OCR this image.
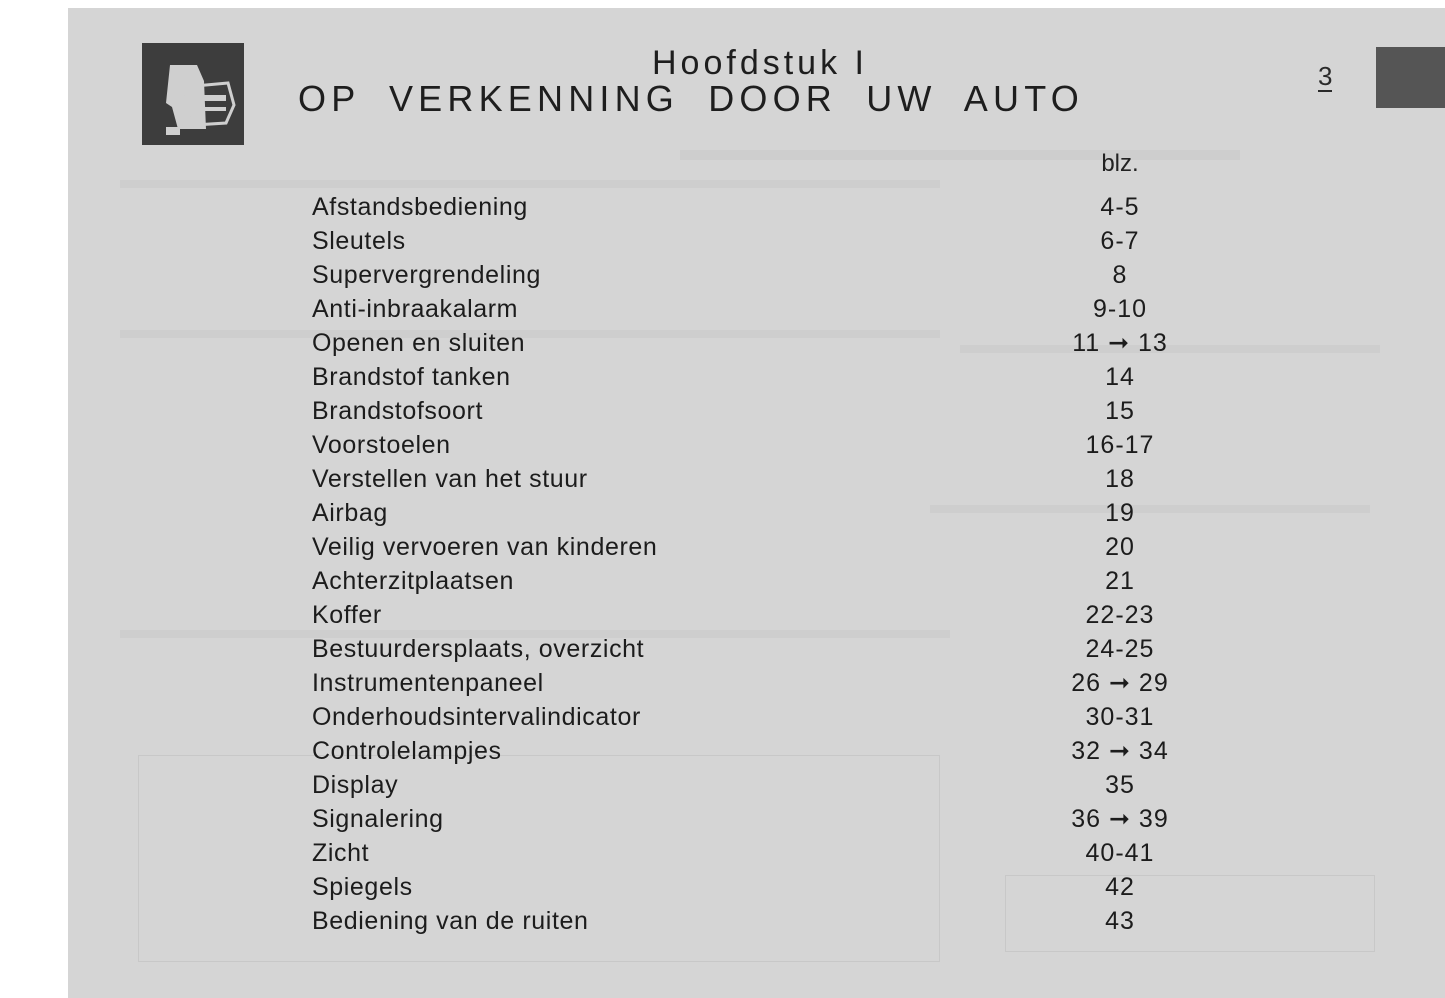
Hoofdstuk I
OP VERKENNING DOOR UW AUTO
3
blz.
Afstandsbediening	4-5
Sleutels	6-7
Supervergrendeling	8
Anti-inbraakalarm	9-10
Openen en sluiten	11 ➞ 13
Brandstof tanken	14
Brandstofsoort	15
Voorstoelen	16-17
Verstellen van het stuur	18
Airbag	19
Veilig vervoeren van kinderen	20
Achterzitplaatsen	21
Koffer	22-23
Bestuurdersplaats, overzicht	24-25
Instrumentenpaneel	26 ➞ 29
Onderhoudsintervalindicator	30-31
Controlelampjes	32 ➞ 34
Display	35
Signalering	36 ➞ 39
Zicht	40-41
Spiegels	42
Bediening van de ruiten	43
